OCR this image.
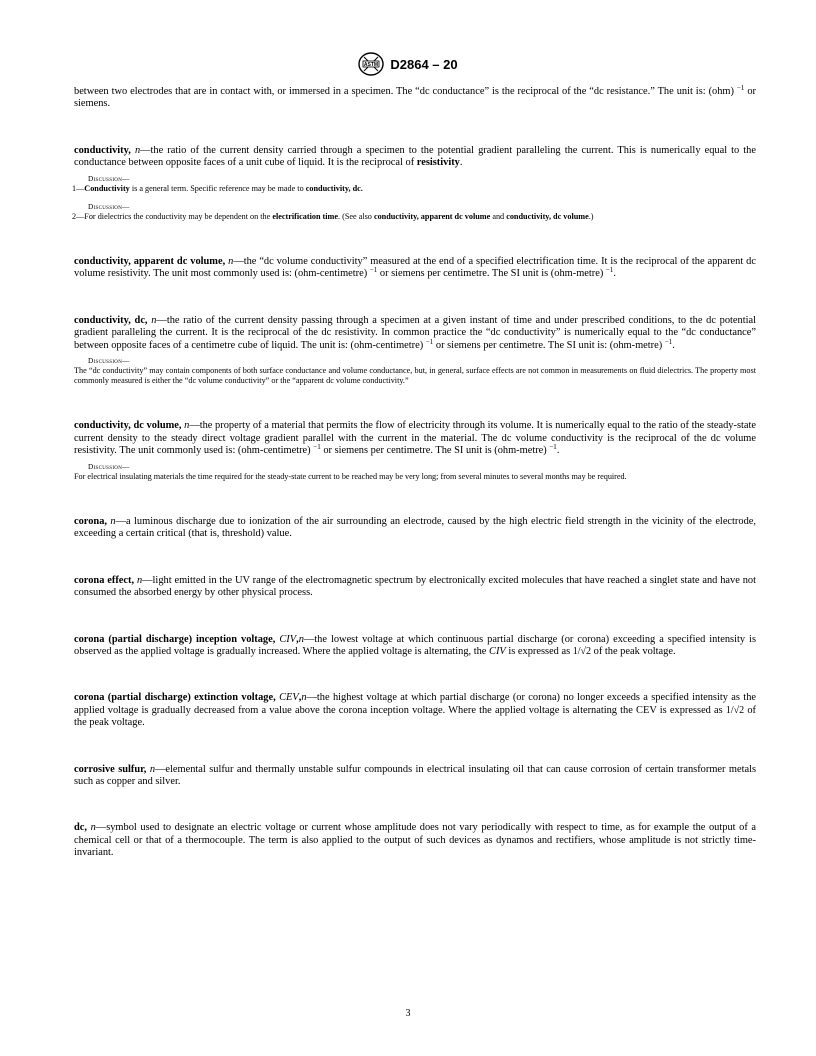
ASTM D2864 – 20

between two electrodes that are in contact with, or immersed in a specimen. The “dc conductance” is the reciprocal of the “dc resistance.” The unit is: (ohm) $^{-1}$ or siemens.

conductivity, n—the ratio of the current density carried through a specimen to the potential gradient paralleling the current. This is numerically equal to the conductance between opposite faces of a unit cube of liquid. It is the reciprocal of resistivity.

Discussion—

1—Conductivity is a general term. Specific reference may be made to conductivity, dc.

Discussion—

2—For dielectrics the conductivity may be dependent on the electrification time. (See also conductivity, apparent dc volume and conductivity, dc volume.)

conductivity, apparent dc volume, n—the “dc volume conductivity” measured at the end of a specified electrification time. It is the reciprocal of the apparent dc volume resistivity. The unit most commonly used is: (ohm-centimetre) $^{-1}$ or siemens per centimetre. The SI unit is (ohm-metre) $^{-1}$.

conductivity, dc, n—the ratio of the current density passing through a specimen at a given instant of time and under prescribed conditions, to the dc potential gradient paralleling the current. It is the reciprocal of the dc resistivity. In common practice the “dc conductivity” is numerically equal to the “dc conductance” between opposite faces of a centimetre cube of liquid. The unit is: (ohm-centimetre) $^{-1}$ or siemens per centimetre. The SI unit is: (ohm-metre) $^{-1}$.

Discussion—

The “dc conductivity” may contain components of both surface conductance and volume conductance, but, in general, surface effects are not common in measurements on fluid dielectrics. The property most commonly measured is either the “dc volume conductivity” or the “apparent dc volume conductivity.”

conductivity, dc volume, n—the property of a material that permits the flow of electricity through its volume. It is numerically equal to the ratio of the steady-state current density to the steady direct voltage gradient parallel with the current in the material. The dc volume conductivity is the reciprocal of the dc volume resistivity. The unit commonly used is: (ohm-centimetre) $^{-1}$ or siemens per centimetre. The SI unit is (ohm-metre) $^{-1}$.

Discussion—

For electrical insulating materials the time required for the steady-state current to be reached may be very long; from several minutes to several months may be required.

corona, n—a luminous discharge due to ionization of the air surrounding an electrode, caused by the high electric field strength in the vicinity of the electrode, exceeding a certain critical (that is, threshold) value.

corona effect, n—light emitted in the UV range of the electromagnetic spectrum by electronically excited molecules that have reached a singlet state and have not consumed the absorbed energy by other physical process.

corona (partial discharge) inception voltage, CIV,n—the lowest voltage at which continuous partial discharge (or corona) exceeding a specified intensity is observed as the applied voltage is gradually increased. Where the applied voltage is alternating, the CIV is expressed as 1/√2 of the peak voltage.

corona (partial discharge) extinction voltage, CEV,n—the highest voltage at which partial discharge (or corona) no longer exceeds a specified intensity as the applied voltage is gradually decreased from a value above the corona inception voltage. Where the applied voltage is alternating the CEV is expressed as 1/√2 of the peak voltage.

corrosive sulfur, n—elemental sulfur and thermally unstable sulfur compounds in electrical insulating oil that can cause corrosion of certain transformer metals such as copper and silver.

dc, n—symbol used to designate an electric voltage or current whose amplitude does not vary periodically with respect to time, as for example the output of a chemical cell or that of a thermocouple. The term is also applied to the output of such devices as dynamos and rectifiers, whose amplitude is not strictly time-invariant.

3
